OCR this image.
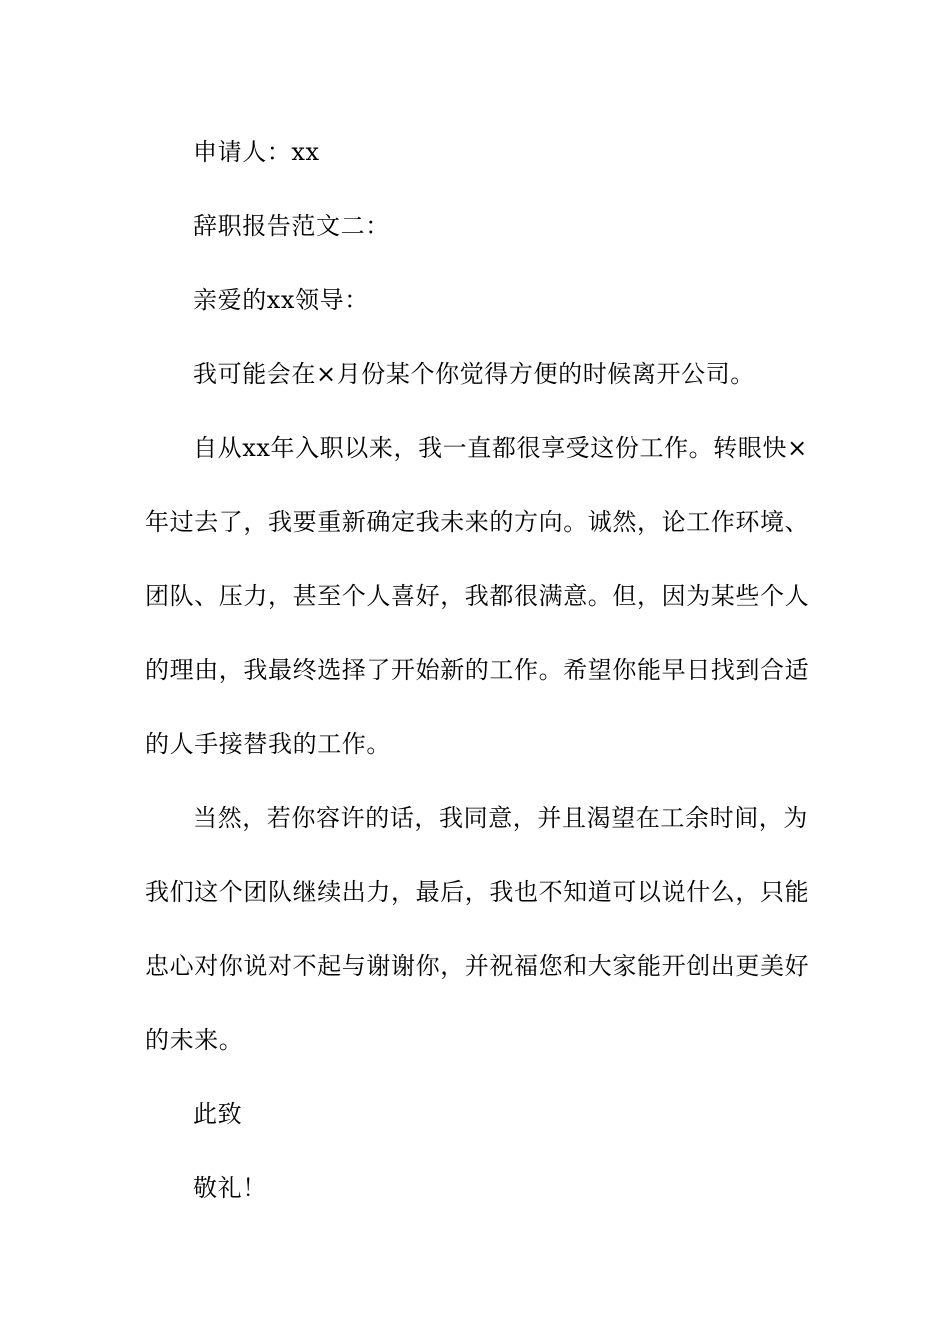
申请人：xx

辞职报告范文二：

亲爱的xx领导：

我可能会在×月份某个你觉得方便的时候离开公司。

自从xx年入职以来，我一直都很享受这份工作。转眼快×年过去了，我要重新确定我未来的方向。诚然，论工作环境、团队、压力，甚至个人喜好，我都很满意。但，因为某些个人的理由，我最终选择了开始新的工作。希望你能早日找到合适的人手接替我的工作。

当然，若你容许的话，我同意，并且渴望在工余时间，为我们这个团队继续出力，最后，我也不知道可以说什么，只能忠心对你说对不起与谢谢你，并祝福您和大家能开创出更美好的未来。

此致

敬礼！
